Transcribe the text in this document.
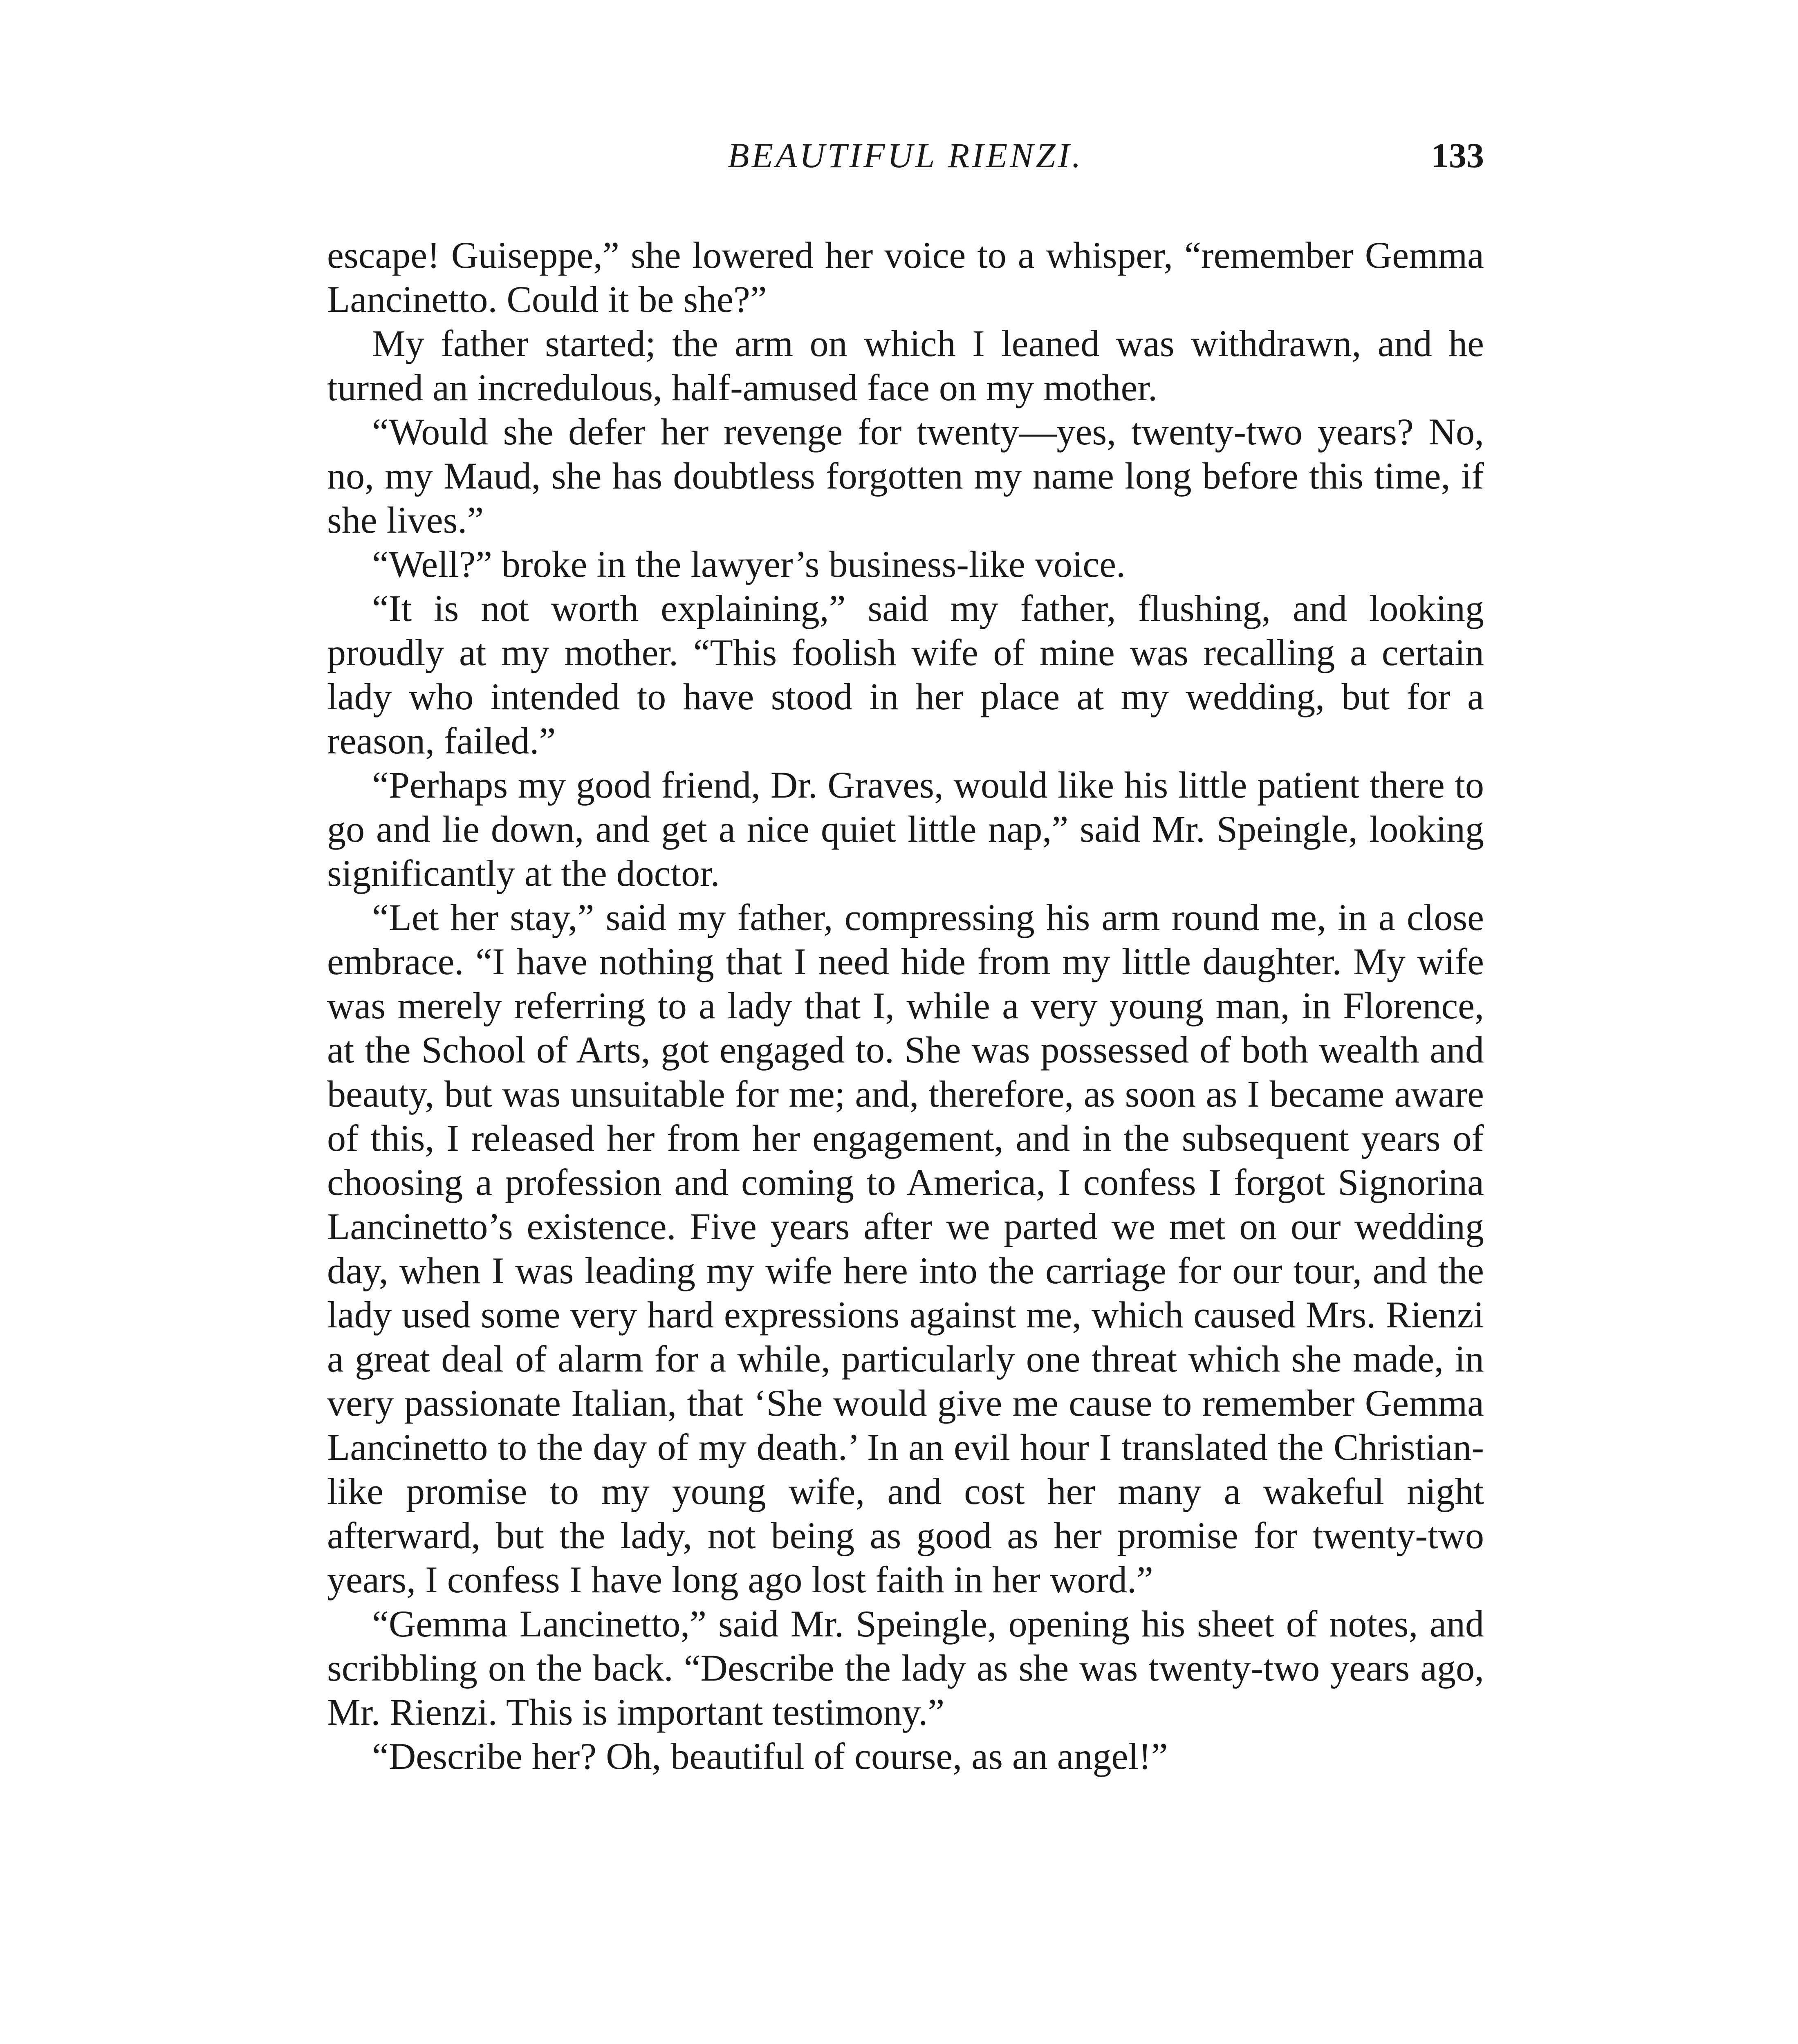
BEAUTIFUL RIENZI.	133

escape! Guiseppe,” she lowered her voice to a whisper, “remember Gemma Lancinetto. Could it be she?”

My father started; the arm on which I leaned was withdrawn, and he turned an incredulous, half-amused face on my mother.

“Would she defer her revenge for twenty—yes, twenty-two years? No, no, my Maud, she has doubtless forgotten my name long before this time, if she lives.”

“Well?” broke in the lawyer’s business-like voice.

“It is not worth explaining,” said my father, flushing, and looking proudly at my mother. “This foolish wife of mine was recalling a certain lady who intended to have stood in her place at my wedding, but for a reason, failed.”

“Perhaps my good friend, Dr. Graves, would like his little patient there to go and lie down, and get a nice quiet little nap,” said Mr. Speingle, looking significantly at the doctor.

“Let her stay,” said my father, compressing his arm round me, in a close embrace. “I have nothing that I need hide from my little daughter. My wife was merely referring to a lady that I, while a very young man, in Florence, at the School of Arts, got engaged to. She was possessed of both wealth and beauty, but was unsuitable for me; and, therefore, as soon as I became aware of this, I released her from her engagement, and in the subsequent years of choosing a profession and coming to America, I confess I forgot Signorina Lancinetto’s existence. Five years after we parted we met on our wedding day, when I was leading my wife here into the carriage for our tour, and the lady used some very hard expressions against me, which caused Mrs. Rienzi a great deal of alarm for a while, particularly one threat which she made, in very passionate Italian, that ‘She would give me cause to remember Gemma Lancinetto to the day of my death.’ In an evil hour I translated the Christian-like promise to my young wife, and cost her many a wakeful night afterward, but the lady, not being as good as her promise for twenty-two years, I confess I have long ago lost faith in her word.”

“Gemma Lancinetto,” said Mr. Speingle, opening his sheet of notes, and scribbling on the back. “Describe the lady as she was twenty-two years ago, Mr. Rienzi. This is important testimony.”

“Describe her? Oh, beautiful of course, as an angel!”
